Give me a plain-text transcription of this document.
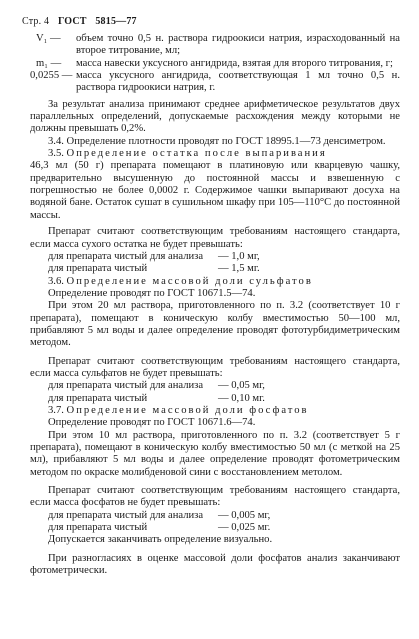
Стр. 4 ГОСТ 5815—77
V₁ —	объем точно 0,5 н. раствора гидроокиси натрия, израсходованный на второе титрование, мл;
m₁ —	масса навески уксусного ангидрида, взятая для второго титрования, г;
0,0255 — масса уксусного ангидрида, соответствующая 1 мл точно 0,5 н. раствора гидроокиси натрия, г.

За результат анализа принимают среднее арифметическое результатов двух параллельных определений, допускаемые расхождения между которыми не должны превышать 0,2%.

3.4. Определение плотности проводят по ГОСТ 18995.1—73 денсиметром.

3.5. Определение остатка после выпаривания

46,3 мл (50 г) препарата помещают в платиновую или кварцевую чашку, предварительно высушенную до постоянной массы и взвешенную с погрешностью не более 0,0002 г. Содержимое чашки выпаривают досуха на водяной бане. Остаток сушат в сушильном шкафу при 105—110°С до постоянной массы.

Препарат считают соответствующим требованиям настоящего стандарта, если масса сухого остатка не будет превышать:

для препарата чистый для анализа	— 1,0 мг,
для препарата чистый	— 1,5 мг.

3.6. Определение массовой доли сульфатов

Определение проводят по ГОСТ 10671.5—74.

При этом 20 мл раствора, приготовленного по п. 3.2 (соответствует 10 г препарата), помещают в коническую колбу вместимостью 50—100 мл, прибавляют 5 мл воды и далее определение проводят фототурбидиметрическим методом.

Препарат считают соответствующим требованиям настоящего стандарта, если масса сульфатов не будет превышать:

для препарата чистый для анализа	— 0,05 мг,
для препарата чистый	— 0,10 мг.

3.7. Определение массовой доли фосфатов

Определение проводят по ГОСТ 10671.6—74.

При этом 10 мл раствора, приготовленного по п. 3.2 (соответствует 5 г препарата), помещают в коническую колбу вместимостью 50 мл (с меткой на 25 мл), прибавляют 5 мл воды и далее определение проводят фотометрическим методом по окраске молибденовой сини с восстановлением метолом.

Препарат считают соответствующим требованиям настоящего стандарта, если масса фосфатов не будет превышать:

для препарата чистый для анализа	— 0,005 мг,
для препарата чистый	— 0,025 мг.

Допускается заканчивать определение визуально.

При разногласиях в оценке массовой доли фосфатов анализ заканчивают фотометрически.
